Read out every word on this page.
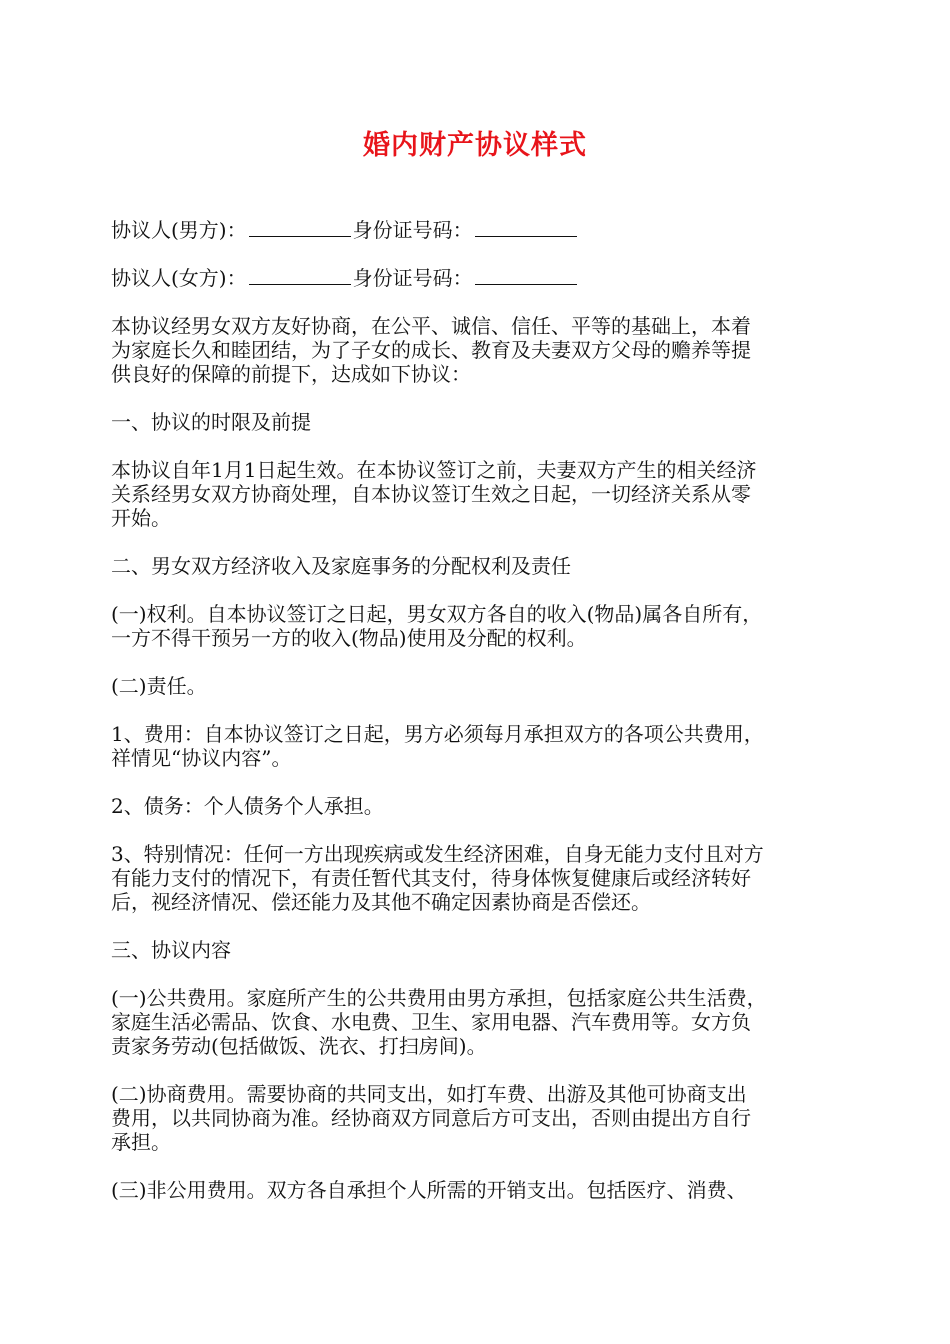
婚内财产协议样式

协议人(男方)：	身份证号码：

协议人(女方)：	身份证号码：

本协议经男女双方友好协商，在公平、诚信、信任、平等的基础上，本着
为家庭长久和睦团结，为了子女的成长、教育及夫妻双方父母的赡养等提
供良好的保障的前提下，达成如下协议：

一、协议的时限及前提

本协议自年1月1日起生效。在本协议签订之前，夫妻双方产生的相关经济
关系经男女双方协商处理，自本协议签订生效之日起，一切经济关系从零
开始。

二、男女双方经济收入及家庭事务的分配权利及责任

(一)权利。自本协议签订之日起，男女双方各自的收入(物品)属各自所有，
一方不得干预另一方的收入(物品)使用及分配的权利。

(二)责任。

1、费用：自本协议签订之日起，男方必须每月承担双方的各项公共费用，
祥情见“协议内容”。

2、债务：个人债务个人承担。

3、特别情况：任何一方出现疾病或发生经济困难，自身无能力支付且对方
有能力支付的情况下，有责任暂代其支付，待身体恢复健康后或经济转好
后，视经济情况、偿还能力及其他不确定因素协商是否偿还。

三、协议内容

(一)公共费用。家庭所产生的公共费用由男方承担，包括家庭公共生活费，
家庭生活必需品、饮食、水电费、卫生、家用电器、汽车费用等。女方负
责家务劳动(包括做饭、洗衣、打扫房间)。

(二)协商费用。需要协商的共同支出，如打车费、出游及其他可协商支出
费用，以共同协商为准。经协商双方同意后方可支出，否则由提出方自行
承担。

(三)非公用费用。双方各自承担个人所需的开销支出。包括医疗、消费、
